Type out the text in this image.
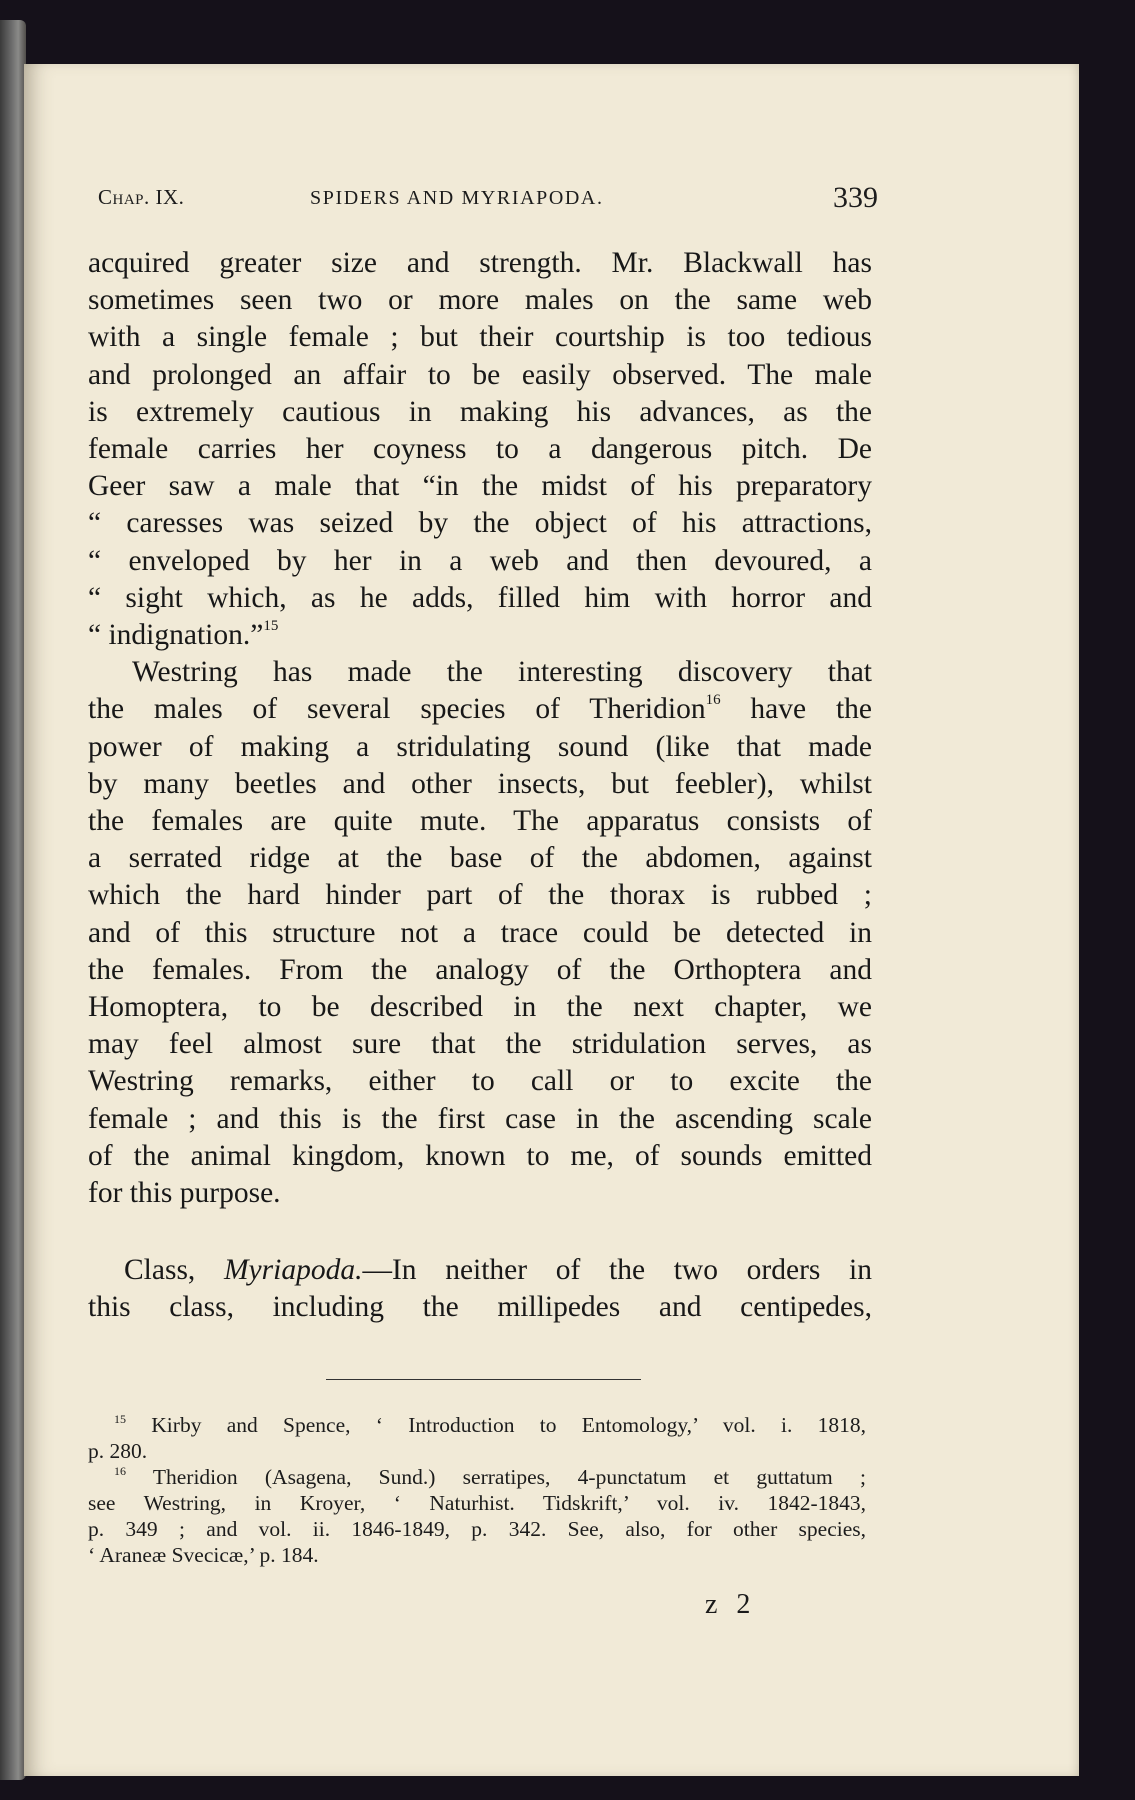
Chap. IX.	SPIDERS AND MYRIAPODA.	339

acquired greater size and strength. Mr. Blackwall has
sometimes seen two or more males on the same web
with a single female ; but their courtship is too tedious
and prolonged an affair to be easily observed. The male
is extremely cautious in making his advances, as the
female carries her coyness to a dangerous pitch. De
Geer saw a male that “in the midst of his preparatory
“ caresses was seized by the object of his attractions,
“ enveloped by her in a web and then devoured, a
“ sight which, as he adds, filled him with horror and
“ indignation.”$^{15}$

Westring has made the interesting discovery that
the males of several species of Theridion$^{16}$ have the
power of making a stridulating sound (like that made
by many beetles and other insects, but feebler), whilst
the females are quite mute. The apparatus consists of
a serrated ridge at the base of the abdomen, against
which the hard hinder part of the thorax is rubbed ;
and of this structure not a trace could be detected in
the females. From the analogy of the Orthoptera and
Homoptera, to be described in the next chapter, we
may feel almost sure that the stridulation serves, as
Westring remarks, either to call or to excite the
female ; and this is the first case in the ascending scale
of the animal kingdom, known to me, of sounds emitted
for this purpose.

Class, Myriapoda.—In neither of the two orders in
this class, including the millipedes and centipedes,

$^{15}$ Kirby and Spence, ‘ Introduction to Entomology,’ vol. i. 1818,
p. 280.
$^{16}$ Theridion (Asagena, Sund.) serratipes, 4-punctatum et guttatum ;
see Westring, in Kroyer, ‘ Naturhist. Tidskrift,’ vol. iv. 1842-1843,
p. 349 ; and vol. ii. 1846-1849, p. 342. See, also, for other species,
‘ Araneæ Svecicæ,’ p. 184.
z 2
